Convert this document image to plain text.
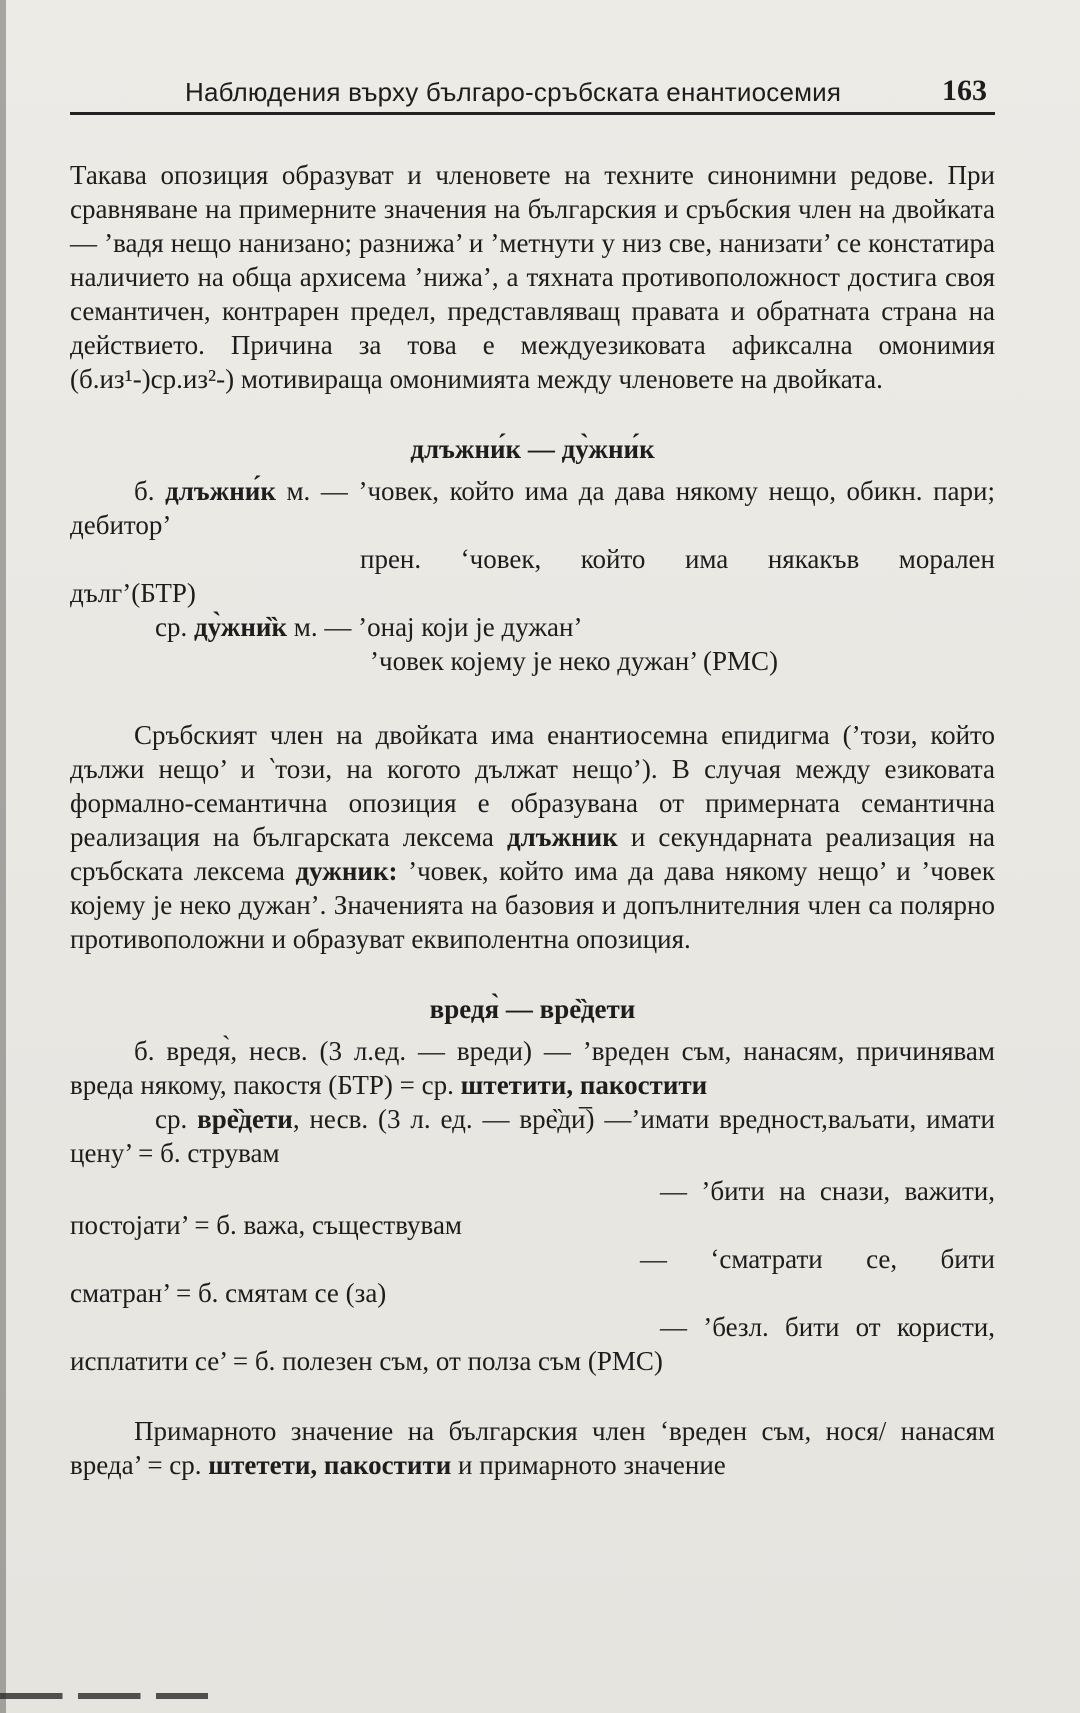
Наблюдения върху българо-сръбската енантиосемия	163

Такава опозиция образуват и членовете на техните синонимни редове. При сравняване на примерните значения на българския и сръбския член на двойката — ’вадя нещо нанизано; разнижа’ и ’метнути у низ све, нанизати’ се констатира наличието на обща архисема ’нижа’, а тяхната противоположност достига своя семантичен, контрарен предел, представляващ правата и обратната страна на действието. Причина за това е междуезиковата афиксална омонимия (б.из¹-)ср.из²-) мотивираща омонимията между членовете на двойката.

длъжни́к — ду̀жни́к

б. длъжни́к м. — ’човек, който има да дава някому нещо, обикн. пари; дебитор’

прен. ‘човек, който има някакъв морален

дълг’(БТР)

ср. ду̀жни̏к м. — ’онај који је дужан’

’човек којему је неко дужан’ (РМС)

Сръбският член на двойката има енантиосемна епидигма (’този, който дължи нещо’ и ‵този, на когото дължат нещо’). В случая между езиковата формално-семантична опозиция е образувана от примерната семантична реализация на българската лексема длъжник и секундарната реализация на сръбската лексема дужник: ’човек, който има да дава някому нещо’ и ’човек којему је неко дужан’. Значенията на базовия и допълнителния член са полярно противоположни и образуват еквиполентна опозиция.

вредя̀ — вре̏дети

б. вредя̀, несв. (3 л.ед. — вреди) — ’вреден съм, нанасям, причинявам вреда някому, пакостя (БТР) = ср. штетити, пакостити

ср. вре̏дети, несв. (3 л. ед. — вре̏ди̅) —’имати вредност,ваљати, имати цену’ = б. струвам

— ’бити на снази, важити,

постојати’ = б. важа, съществувам

— ‘сматрати се, бити

сматран’ = б. смятам се (за)

— ’безл. бити от користи,

исплатити се’ = б. полезен съм, от полза съм (РМС)

Примарното значение на българския член ‘вреден съм, нося/ нанасям вреда’ = ср. штетети, пакостити и примарното значение
